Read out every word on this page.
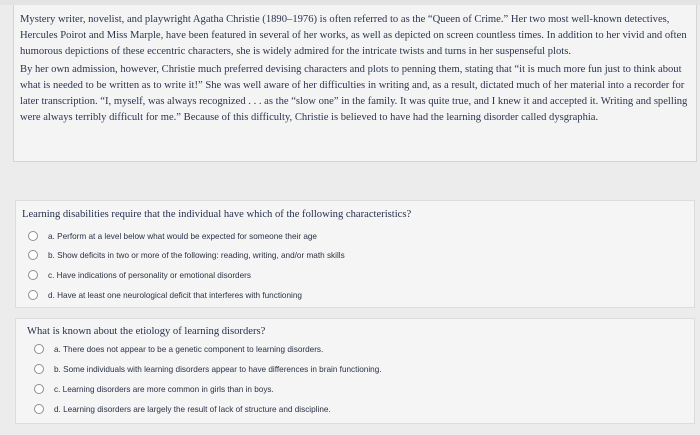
Mystery writer, novelist, and playwright Agatha Christie (1890–1976) is often referred to as the “Queen of Crime.” Her two most well-known detectives, Hercules Poirot and Miss Marple, have been featured in several of her works, as well as depicted on screen countless times. In addition to her vivid and often humorous depictions of these eccentric characters, she is widely admired for the intricate twists and turns in her suspenseful plots.

By her own admission, however, Christie much preferred devising characters and plots to penning them, stating that “it is much more fun just to think about what is needed to be written as to write it!” She was well aware of her difficulties in writing and, as a result, dictated much of her material into a recorder for later transcription. “I, myself, was always recognized . . . as the “slow one” in the family. It was quite true, and I knew it and accepted it. Writing and spelling were always terribly difficult for me.” Because of this difficulty, Christie is believed to have had the learning disorder called dysgraphia.

Learning disabilities require that the individual have which of the following characteristics?
a. Perform at a level below what would be expected for someone their age
b. Show deficits in two or more of the following: reading, writing, and/or math skills
c. Have indications of personality or emotional disorders
d. Have at least one neurological deficit that interferes with functioning
What is known about the etiology of learning disorders?
a. There does not appear to be a genetic component to learning disorders.
b. Some individuals with learning disorders appear to have differences in brain functioning.
c. Learning disorders are more common in girls than in boys.
d. Learning disorders are largely the result of lack of structure and discipline.
